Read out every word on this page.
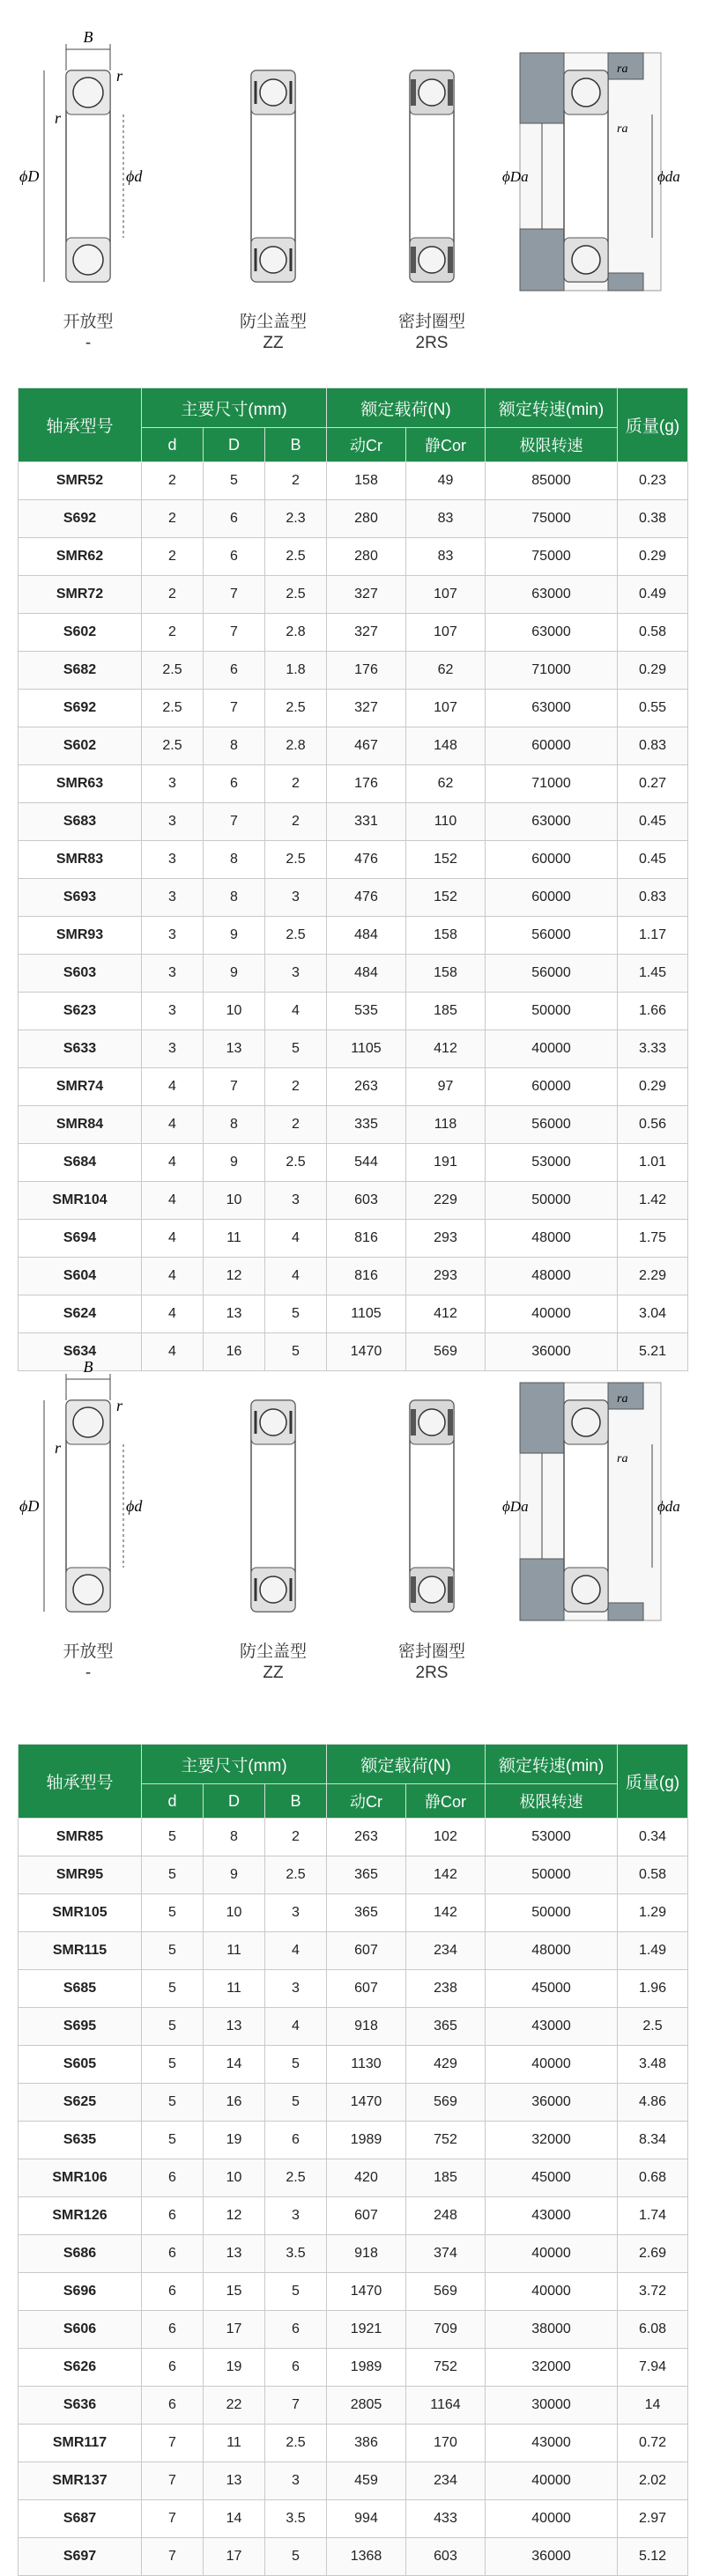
B
r
r
ϕD	ϕd
开放型
-
防尘盖型
ZZ
密封圈型
2RS
ϕDa	ϕda
ra
ra
轴承型号	主要尺寸(mm)			额定载荷(N)		额定转速(min)	质量(g)
	d	D	B	动Cr	静Cor	极限转速	
SMR52	2	5	2	158	49	85000	0.23
S692	2	6	2.3	280	83	75000	0.38
SMR62	2	6	2.5	280	83	75000	0.29
SMR72	2	7	2.5	327	107	63000	0.49
S602	2	7	2.8	327	107	63000	0.58
S682	2.5	6	1.8	176	62	71000	0.29
S692	2.5	7	2.5	327	107	63000	0.55
S602	2.5	8	2.8	467	148	60000	0.83
SMR63	3	6	2	176	62	71000	0.27
S683	3	7	2	331	110	63000	0.45
SMR83	3	8	2.5	476	152	60000	0.45
S693	3	8	3	476	152	60000	0.83
SMR93	3	9	2.5	484	158	56000	1.17
S603	3	9	3	484	158	56000	1.45
S623	3	10	4	535	185	50000	1.66
S633	3	13	5	1105	412	40000	3.33
SMR74	4	7	2	263	97	60000	0.29
SMR84	4	8	2	335	118	56000	0.56
S684	4	9	2.5	544	191	53000	1.01
SMR104	4	10	3	603	229	50000	1.42
S694	4	11	4	816	293	48000	1.75
S604	4	12	4	816	293	48000	2.29
S624	4	13	5	1105	412	40000	3.04
S634	4	16	5	1470	569	36000	5.21
B
r
r
ϕD	ϕd
开放型
-
防尘盖型
ZZ
密封圈型
2RS
ϕDa	ϕda
ra
ra
轴承型号	主要尺寸(mm)			额定载荷(N)		额定转速(min)	质量(g)
	d	D	B	动Cr	静Cor	极限转速	
SMR85	5	8	2	263	102	53000	0.34
SMR95	5	9	2.5	365	142	50000	0.58
SMR105	5	10	3	365	142	50000	1.29
SMR115	5	11	4	607	234	48000	1.49
S685	5	11	3	607	238	45000	1.96
S695	5	13	4	918	365	43000	2.5
S605	5	14	5	1130	429	40000	3.48
S625	5	16	5	1470	569	36000	4.86
S635	5	19	6	1989	752	32000	8.34
SMR106	6	10	2.5	420	185	45000	0.68
SMR126	6	12	3	607	248	43000	1.74
S686	6	13	3.5	918	374	40000	2.69
S696	6	15	5	1470	569	40000	3.72
S606	6	17	6	1921	709	38000	6.08
S626	6	19	6	1989	752	32000	7.94
S636	6	22	7	2805	1164	30000	14
SMR117	7	11	2.5	386	170	43000	0.72
SMR137	7	13	3	459	234	40000	2.02
S687	7	14	3.5	994	433	40000	2.97
S697	7	17	5	1368	603	36000	5.12
